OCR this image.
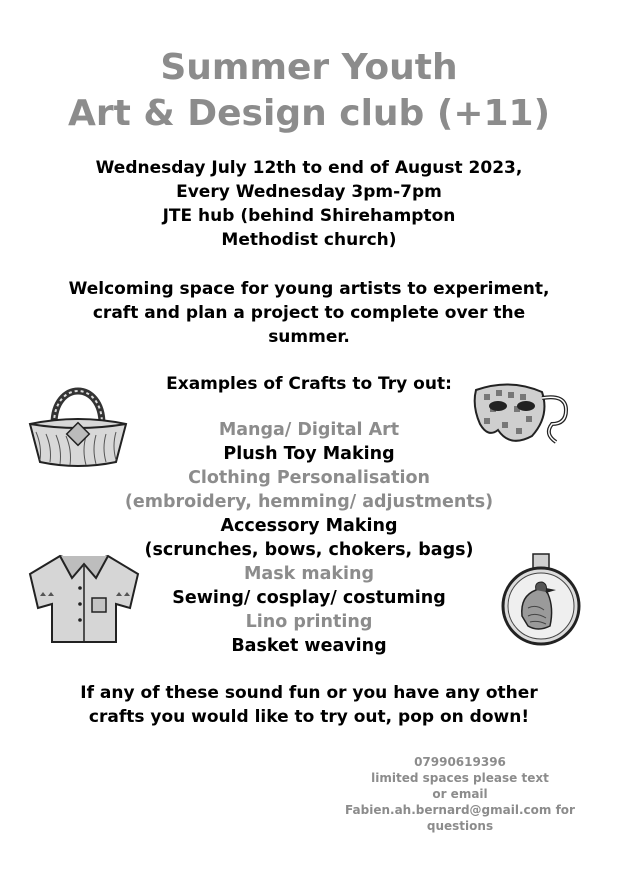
Summer Youth
Art & Design club (+11)
Wednesday July 12th to end of August 2023,
Every Wednesday 3pm-7pm
JTE hub (behind Shirehampton
Methodist church)
Welcoming space for young artists to experiment,
craft and plan a project to complete over the
summer.
Examples of Crafts to Try out:
Manga/ Digital Art
Plush Toy Making
Clothing Personalisation
(embroidery, hemming/ adjustments)
Accessory Making
(scrunches, bows, chokers, bags)
Mask making
Sewing/ cosplay/ costuming
Lino printing
Basket weaving
If any of these sound fun or you have any other
crafts you would like to try out, pop on down!
07990619396
limited spaces please text
or email
Fabien.ah.bernard@gmail.com for
questions
